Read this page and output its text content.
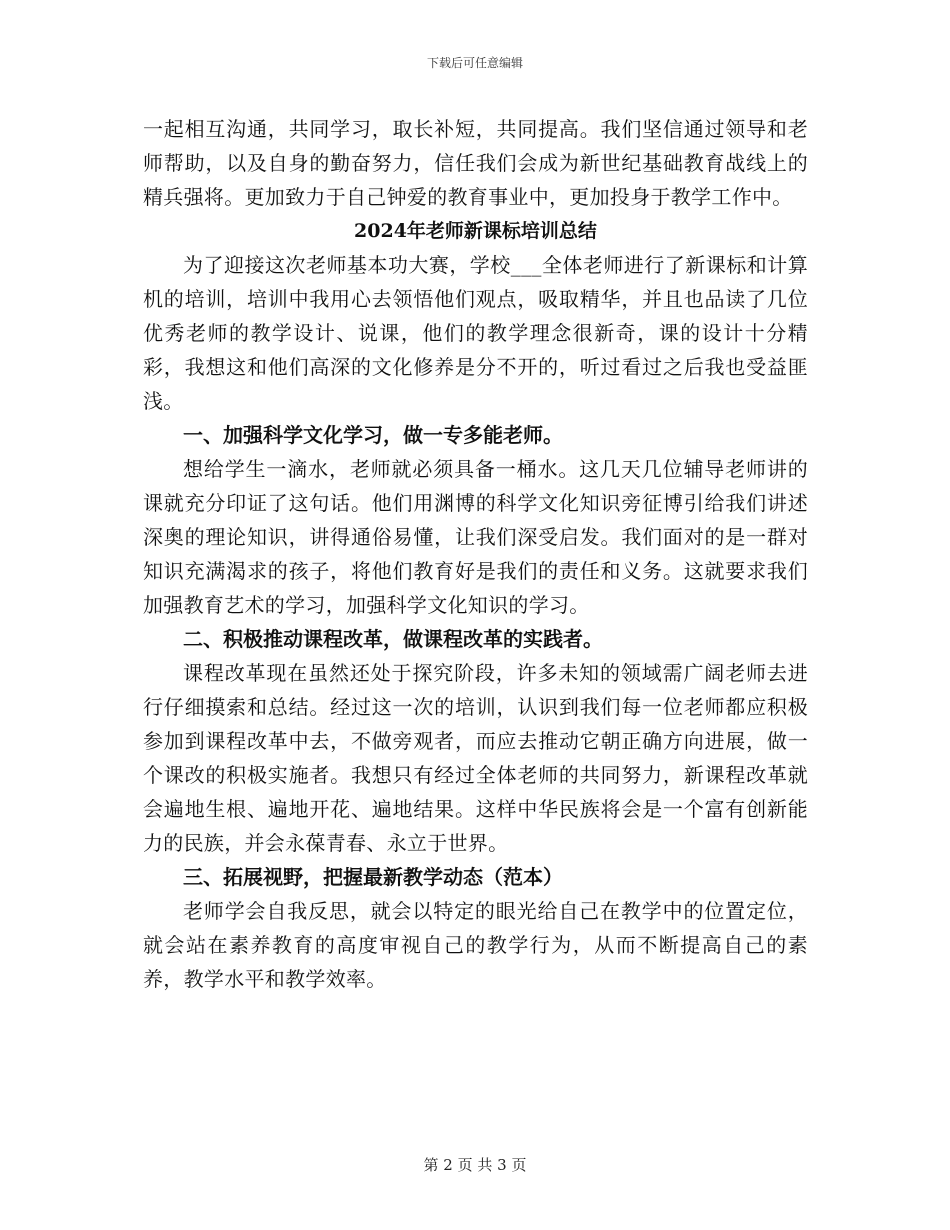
下载后可任意编辑

一起相互沟通，共同学习，取长补短，共同提高。我们坚信通过领导和老师帮助，以及自身的勤奋努力，信任我们会成为新世纪基础教育战线上的精兵强将。更加致力于自己钟爱的教育事业中，更加投身于教学工作中。

2024年老师新课标培训总结

为了迎接这次老师基本功大赛，学校___全体老师进行了新课标和计算机的培训，培训中我用心去领悟他们观点，吸取精华，并且也品读了几位优秀老师的教学设计、说课，他们的教学理念很新奇，课的设计十分精彩，我想这和他们高深的文化修养是分不开的，听过看过之后我也受益匪浅。

一、加强科学文化学习，做一专多能老师。

想给学生一滴水，老师就必须具备一桶水。这几天几位辅导老师讲的课就充分印证了这句话。他们用渊博的科学文化知识旁征博引给我们讲述深奥的理论知识，讲得通俗易懂，让我们深受启发。我们面对的是一群对知识充满渴求的孩子，将他们教育好是我们的责任和义务。这就要求我们加强教育艺术的学习，加强科学文化知识的学习。

二、积极推动课程改革，做课程改革的实践者。

课程改革现在虽然还处于探究阶段，许多未知的领域需广阔老师去进行仔细摸索和总结。经过这一次的培训，认识到我们每一位老师都应积极参加到课程改革中去，不做旁观者，而应去推动它朝正确方向进展，做一个课改的积极实施者。我想只有经过全体老师的共同努力，新课程改革就会遍地生根、遍地开花、遍地结果。这样中华民族将会是一个富有创新能力的民族，并会永葆青春、永立于世界。

三、拓展视野，把握最新教学动态（范本）

老师学会自我反思，就会以特定的眼光给自己在教学中的位置定位，就会站在素养教育的高度审视自己的教学行为，从而不断提高自己的素养，教学水平和教学效率。

第 2 页 共 3 页
